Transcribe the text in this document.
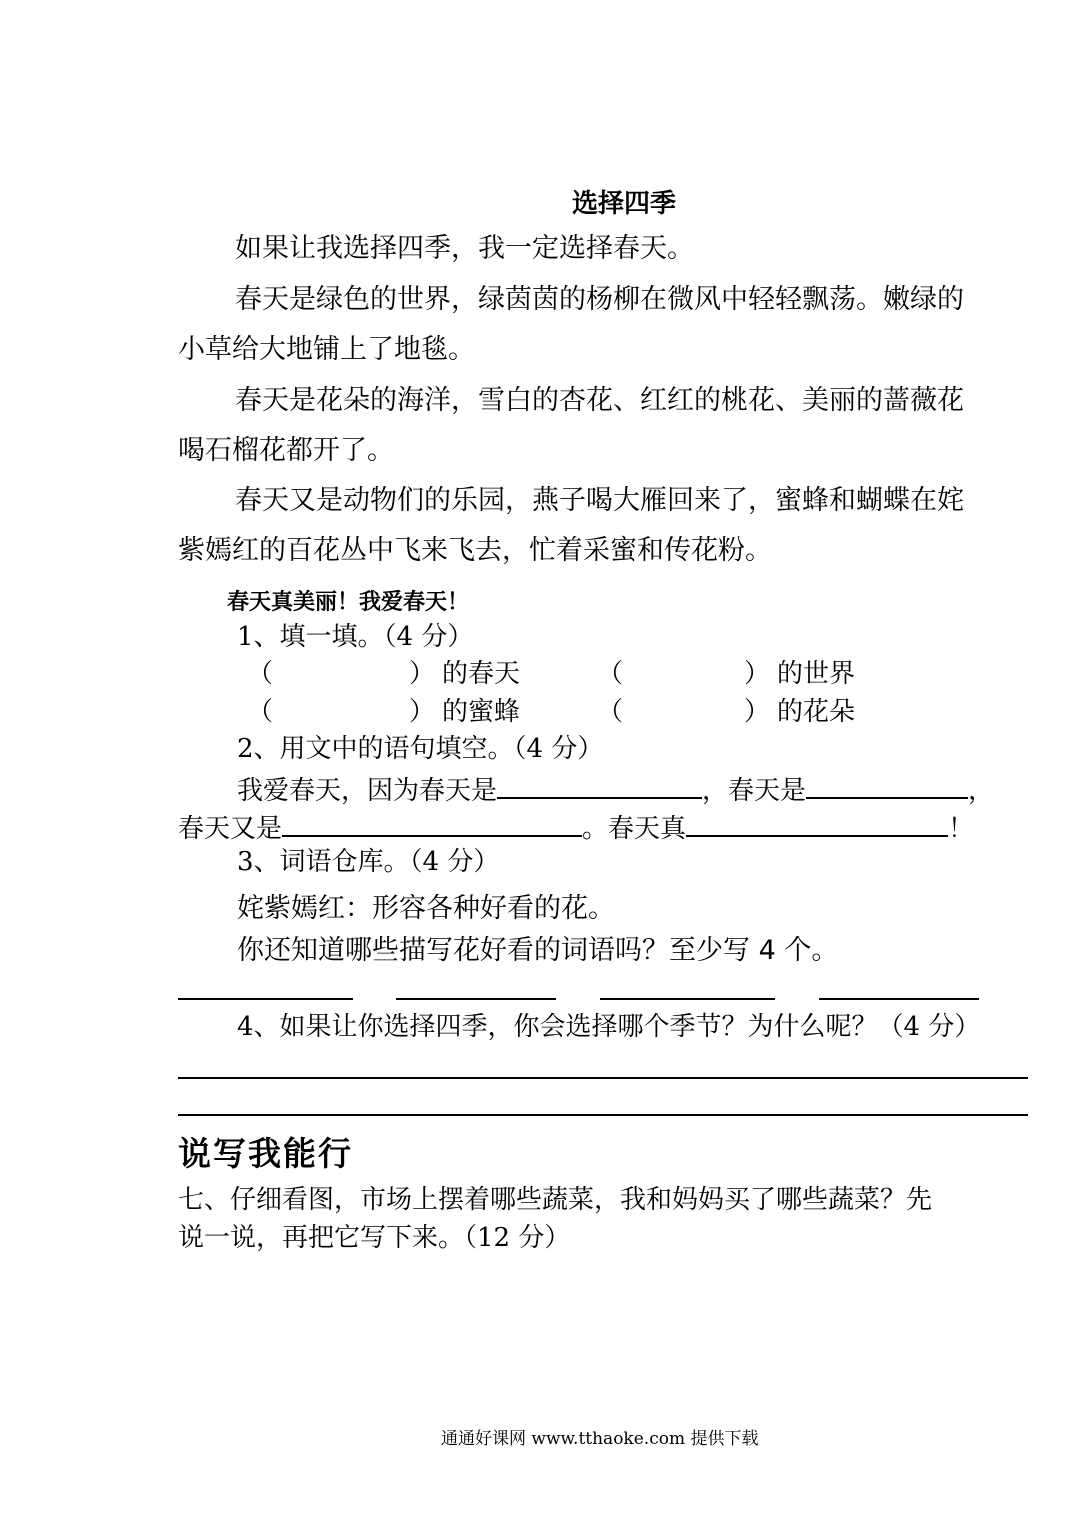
选择四季
如果让我选择四季，我一定选择春天。
春天是绿色的世界，绿茵茵的杨柳在微风中轻轻飘荡。嫩绿的
小草给大地铺上了地毯。
春天是花朵的海洋，雪白的杏花、红红的桃花、美丽的蔷薇花
喝石榴花都开了。
春天又是动物们的乐园，燕子喝大雁回来了，蜜蜂和蝴蝶在姹
紫嫣红的百花丛中飞来飞去，忙着采蜜和传花粉。
春天真美丽！我爱春天！
1、填一填。（4 分）
（	） 的春天	（	） 的世界
（	） 的蜜蜂	（	） 的花朵
2、用文中的语句填空。（4 分）
我爱春天，因为春天是	，春天是	，
春天又是	。春天真	！
3、词语仓库。（4 分）
姹紫嫣红：形容各种好看的花。
你还知道哪些描写花好看的词语吗？至少写 4 个。
4、如果让你选择四季，你会选择哪个季节？为什么呢？（4 分）
说写我能行
七、仔细看图，市场上摆着哪些蔬菜，我和妈妈买了哪些蔬菜？先
说一说，再把它写下来。（12 分）
通通好课网 www.tthaoke.com 提供下载
